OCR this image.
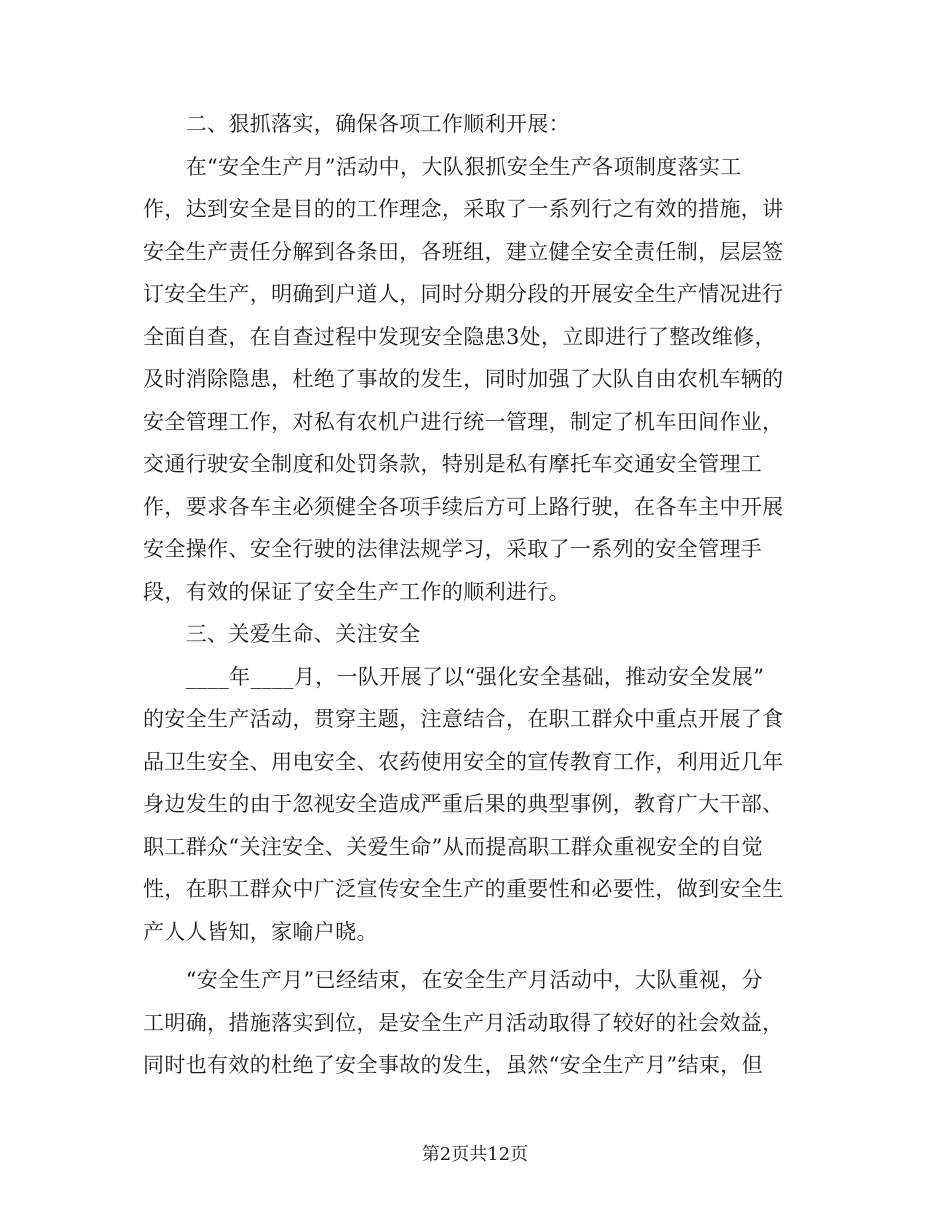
　　二、狠抓落实，确保各项工作顺利开展：
　　在“安全生产月”活动中，大队狠抓安全生产各项制度落实工
作，达到安全是目的的工作理念，采取了一系列行之有效的措施，讲
安全生产责任分解到各条田，各班组，建立健全安全责任制，层层签
订安全生产，明确到户道人，同时分期分段的开展安全生产情况进行
全面自查，在自查过程中发现安全隐患3处，立即进行了整改维修，
及时消除隐患，杜绝了事故的发生，同时加强了大队自由农机车辆的
安全管理工作，对私有农机户进行统一管理，制定了机车田间作业，
交通行驶安全制度和处罚条款，特别是私有摩托车交通安全管理工
作，要求各车主必须健全各项手续后方可上路行驶，在各车主中开展
安全操作、安全行驶的法律法规学习，采取了一系列的安全管理手
段，有效的保证了安全生产工作的顺利进行。
　　三、关爱生命、关注安全
　　____年____月，一队开展了以“强化安全基础，推动安全发展”
的安全生产活动，贯穿主题，注意结合，在职工群众中重点开展了食
品卫生安全、用电安全、农药使用安全的宣传教育工作，利用近几年
身边发生的由于忽视安全造成严重后果的典型事例，教育广大干部、
职工群众“关注安全、关爱生命”从而提高职工群众重视安全的自觉
性，在职工群众中广泛宣传安全生产的重要性和必要性，做到安全生
产人人皆知，家喻户晓。
　　“安全生产月”已经结束，在安全生产月活动中，大队重视，分
工明确，措施落实到位，是安全生产月活动取得了较好的社会效益，
同时也有效的杜绝了安全事故的发生，虽然“安全生产月”结束，但
第2页共12页
